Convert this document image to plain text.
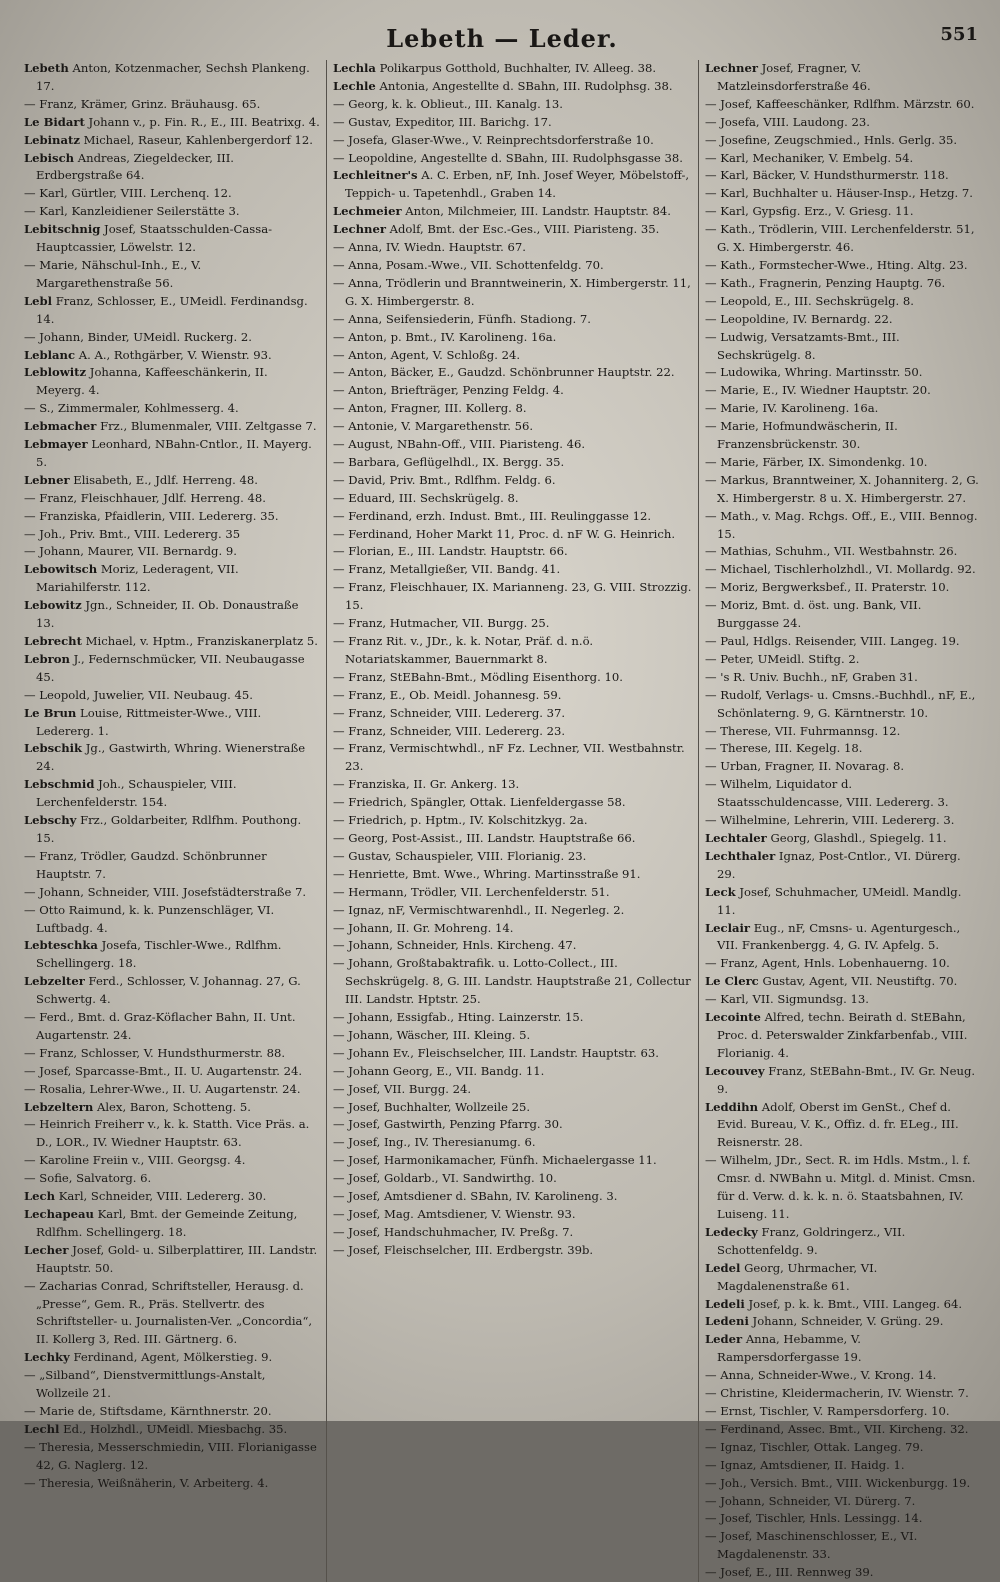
Lebeth — Leder.	551

Lebeth Anton, Kotzenmacher, Sechsh Plankeng. 17.

— Franz, Krämer, Grinz. Bräuhausg. 65.

Le Bidart Johann v., p. Fin. R., E., III. Beatrixg. 4.

Lebinatz Michael, Raseur, Kahlenbergerdorf 12.

Lebisch Andreas, Ziegeldecker, III. Erdbergstraße 64.

— Karl, Gürtler, VIII. Lerchenq. 12.

— Karl, Kanzleidiener Seilerstätte 3.

Lebitschnig Josef, Staatsschulden-Cassa-Hauptcassier, Löwelstr. 12.

— Marie, Nähschul-Inh., E., V. Margarethenstraße 56.

Lebl Franz, Schlosser, E., UMeidl. Ferdinandsg. 14.

— Johann, Binder, UMeidl. Ruckerg. 2.

Leblanc A. A., Rothgärber, V. Wienstr. 93.

Leblowitz Johanna, Kaffeeschänkerin, II. Meyerg. 4.

— S., Zimmermaler, Kohlmesserg. 4.

Lebmacher Frz., Blumenmaler, VIII. Zeltgasse 7.

Lebmayer Leonhard, NBahn-Cntlor., II. Mayerg. 5.

Lebner Elisabeth, E., Jdlf. Herreng. 48.

— Franz, Fleischhauer, Jdlf. Herreng. 48.

— Franziska, Pfaidlerin, VIII. Ledererg. 35.

— Joh., Priv. Bmt., VIII. Ledererg. 35

— Johann, Maurer, VII. Bernardg. 9.

Lebowitsch Moriz, Lederagent, VII. Mariahilferstr. 112.

Lebowitz Jgn., Schneider, II. Ob. Donaustraße 13.

Lebrecht Michael, v. Hptm., Franziskanerplatz 5.

Lebron J., Federnschmücker, VII. Neubaugasse 45.

— Leopold, Juwelier, VII. Neubaug. 45.

Le Brun Louise, Rittmeister-Wwe., VIII. Ledererg. 1.

Lebschik Jg., Gastwirth, Whring. Wienerstraße 24.

Lebschmid Joh., Schauspieler, VIII. Lerchenfelderstr. 154.

Lebschy Frz., Goldarbeiter, Rdlfhm. Pouthong. 15.

— Franz, Trödler, Gaudzd. Schönbrunner Hauptstr. 7.

— Johann, Schneider, VIII. Josefstädterstraße 7.

— Otto Raimund, k. k. Punzenschläger, VI. Luftbadg. 4.

Lebteschka Josefa, Tischler-Wwe., Rdlfhm. Schellingerg. 18.

Lebzelter Ferd., Schlosser, V. Johannag. 27, G. Schwertg. 4.

— Ferd., Bmt. d. Graz-Köflacher Bahn, II. Unt. Augartenstr. 24.

— Franz, Schlosser, V. Hundsthurmerstr. 88.

— Josef, Sparcasse-Bmt., II. U. Augartenstr. 24.

— Rosalia, Lehrer-Wwe., II. U. Augartenstr. 24.

Lebzeltern Alex, Baron, Schotteng. 5.

— Heinrich Freiherr v., k. k. Statth. Vice Präs. a. D., LOR., IV. Wiedner Hauptstr. 63.

— Karoline Freiin v., VIII. Georgsg. 4.

— Sofie, Salvatorg. 6.

Lech Karl, Schneider, VIII. Ledererg. 30.

Lechapeau Karl, Bmt. der Gemeinde Zeitung, Rdlfhm. Schellingerg. 18.

Lecher Josef, Gold- u. Silberplattirer, III. Landstr. Hauptstr. 50.

— Zacharias Conrad, Schriftsteller, Herausg. d. „Presse“, Gem. R., Präs. Stellvertr. des Schriftsteller- u. Journalisten-Ver. „Concordia“, II. Kollerg 3, Red. III. Gärtnerg. 6.

Lechky Ferdinand, Agent, Mölkerstieg. 9.

— „Silband“, Dienstvermittlungs-Anstalt, Wollzeile 21.

— Marie de, Stiftsdame, Kärnthnerstr. 20.

Lechl Ed., Holzhdl., UMeidl. Miesbachg. 35.

— Theresia, Messerschmiedin, VIII. Florianigasse 42, G. Naglerg. 12.

— Theresia, Weißnäherin, V. Arbeiterg. 4.

Lechla Polikarpus Gotthold, Buchhalter, IV. Alleeg. 38.

Lechle Antonia, Angestellte d. SBahn, III. Rudolphsg. 38.

— Georg, k. k. Oblieut., III. Kanalg. 13.

— Gustav, Expeditor, III. Barichg. 17.

— Josefa, Glaser-Wwe., V. Reinprechtsdorferstraße 10.

— Leopoldine, Angestellte d. SBahn, III. Rudolphsgasse 38.

Lechleitner's A. C. Erben, nF, Inh. Josef Weyer, Möbelstoff-, Teppich- u. Tapetenhdl., Graben 14.

Lechmeier Anton, Milchmeier, III. Landstr. Hauptstr. 84.

Lechner Adolf, Bmt. der Esc.-Ges., VIII. Piaristeng. 35.

— Anna, IV. Wiedn. Hauptstr. 67.

— Anna, Posam.-Wwe., VII. Schottenfeldg. 70.

— Anna, Trödlerin und Branntweinerin, X. Himbergerstr. 11, G. X. Himbergerstr. 8.

— Anna, Seifensiederin, Fünfh. Stadiong. 7.

— Anton, p. Bmt., IV. Karolineng. 16a.

— Anton, Agent, V. Schloßg. 24.

— Anton, Bäcker, E., Gaudzd. Schönbrunner Hauptstr. 22.

— Anton, Briefträger, Penzing Feldg. 4.

— Anton, Fragner, III. Kollerg. 8.

— Antonie, V. Margarethenstr. 56.

— August, NBahn-Off., VIII. Piaristeng. 46.

— Barbara, Geflügelhdl., IX. Bergg. 35.

— David, Priv. Bmt., Rdlfhm. Feldg. 6.

— Eduard, III. Sechskrügelg. 8.

— Ferdinand, erzh. Indust. Bmt., III. Reulinggasse 12.

— Ferdinand, Hoher Markt 11, Proc. d. nF W. G. Heinrich.

— Florian, E., III. Landstr. Hauptstr. 66.

— Franz, Metallgießer, VII. Bandg. 41.

— Franz, Fleischhauer, IX. Marianneng. 23, G. VIII. Strozzig. 15.

— Franz, Hutmacher, VII. Burgg. 25.

— Franz Rit. v., JDr., k. k. Notar, Präf. d. n.ö. Notariatskammer, Bauernmarkt 8.

— Franz, StEBahn-Bmt., Mödling Eisenthorg. 10.

— Franz, E., Ob. Meidl. Johannesg. 59.

— Franz, Schneider, VIII. Ledererg. 37.

— Franz, Schneider, VIII. Ledererg. 23.

— Franz, Vermischtwhdl., nF Fz. Lechner, VII. Westbahnstr. 23.

— Franziska, II. Gr. Ankerg. 13.

— Friedrich, Spängler, Ottak. Lienfeldergasse 58.

— Friedrich, p. Hptm., IV. Kolschitzkyg. 2a.

— Georg, Post-Assist., III. Landstr. Hauptstraße 66.

— Gustav, Schauspieler, VIII. Florianig. 23.

— Henriette, Bmt. Wwe., Whring. Martinsstraße 91.

— Hermann, Trödler, VII. Lerchenfelderstr. 51.

— Ignaz, nF, Vermischtwarenhdl., II. Negerleg. 2.

— Johann, II. Gr. Mohreng. 14.

— Johann, Schneider, Hnls. Kircheng. 47.

— Johann, Großtabaktrafik. u. Lotto-Collect., III. Sechskrügelg. 8, G. III. Landstr. Hauptstraße 21, Collectur III. Landstr. Hptstr. 25.

— Johann, Essigfab., Hting. Lainzerstr. 15.

— Johann, Wäscher, III. Kleing. 5.

— Johann Ev., Fleischselcher, III. Landstr. Hauptstr. 63.

— Johann Georg, E., VII. Bandg. 11.

— Josef, VII. Burgg. 24.

— Josef, Buchhalter, Wollzeile 25.

— Josef, Gastwirth, Penzing Pfarrg. 30.

— Josef, Ing., IV. Theresianumg. 6.

— Josef, Harmonikamacher, Fünfh. Michaelergasse 11.

— Josef, Goldarb., VI. Sandwirthg. 10.

— Josef, Amtsdiener d. SBahn, IV. Karolineng. 3.

— Josef, Mag. Amtsdiener, V. Wienstr. 93.

— Josef, Handschuhmacher, IV. Preßg. 7.

— Josef, Fleischselcher, III. Erdbergstr. 39b.

Lechner Josef, Fragner, V. Matzleinsdorferstraße 46.

— Josef, Kaffeeschänker, Rdlfhm. Märzstr. 60.

— Josefa, VIII. Laudong. 23.

— Josefine, Zeugschmied., Hnls. Gerlg. 35.

— Karl, Mechaniker, V. Embelg. 54.

— Karl, Bäcker, V. Hundsthurmerstr. 118.

— Karl, Buchhalter u. Häuser-Insp., Hetzg. 7.

— Karl, Gypsfig. Erz., V. Griesg. 11.

— Kath., Trödlerin, VIII. Lerchenfelderstr. 51, G. X. Himbergerstr. 46.

— Kath., Formstecher-Wwe., Hting. Altg. 23.

— Kath., Fragnerin, Penzing Hauptg. 76.

— Leopold, E., III. Sechskrügelg. 8.

— Leopoldine, IV. Bernardg. 22.

— Ludwig, Versatzamts-Bmt., III. Sechskrügelg. 8.

— Ludowika, Whring. Martinsstr. 50.

— Marie, E., IV. Wiedner Hauptstr. 20.

— Marie, IV. Karolineng. 16a.

— Marie, Hofmundwäscherin, II. Franzensbrückenstr. 30.

— Marie, Färber, IX. Simondenkg. 10.

— Markus, Branntweiner, X. Johanniterg. 2, G. X. Himbergerstr. 8 u. X. Himbergerstr. 27.

— Math., v. Mag. Rchgs. Off., E., VIII. Bennog. 15.

— Mathias, Schuhm., VII. Westbahnstr. 26.

— Michael, Tischlerholzhdl., VI. Mollardg. 92.

— Moriz, Bergwerksbef., II. Praterstr. 10.

— Moriz, Bmt. d. öst. ung. Bank, VII. Burggasse 24.

— Paul, Hdlgs. Reisender, VIII. Langeg. 19.

— Peter, UMeidl. Stiftg. 2.

— 's R. Univ. Buchh., nF, Graben 31.

— Rudolf, Verlags- u. Cmsns.-Buchhdl., nF, E., Schönlaterng. 9, G. Kärntnerstr. 10.

— Therese, VII. Fuhrmannsg. 12.

— Therese, III. Kegelg. 18.

— Urban, Fragner, II. Novarag. 8.

— Wilhelm, Liquidator d. Staatsschuldencasse, VIII. Ledererg. 3.

— Wilhelmine, Lehrerin, VIII. Ledererg. 3.

Lechtaler Georg, Glashdl., Spiegelg. 11.

Lechthaler Ignaz, Post-Cntlor., VI. Dürerg. 29.

Leck Josef, Schuhmacher, UMeidl. Mandlg. 11.

Leclair Eug., nF, Cmsns- u. Agenturgesch., VII. Frankenbergg. 4, G. IV. Apfelg. 5.

— Franz, Agent, Hnls. Lobenhauerng. 10.

Le Clerc Gustav, Agent, VII. Neustiftg. 70.

— Karl, VII. Sigmundsg. 13.

Lecointe Alfred, techn. Beirath d. StEBahn, Proc. d. Peterswalder Zinkfarbenfab., VIII. Florianig. 4.

Lecouvey Franz, StEBahn-Bmt., IV. Gr. Neug. 9.

Leddihn Adolf, Oberst im GenSt., Chef d. Evid. Bureau, V. K., Offiz. d. fr. ELeg., III. Reisnerstr. 28.

— Wilhelm, JDr., Sect. R. im Hdls. Mstm., l. f. Cmsr. d. NWBahn u. Mitgl. d. Minist. Cmsn. für d. Verw. d. k. k. n. ö. Staatsbahnen, IV. Luiseng. 11.

Ledecky Franz, Goldringerz., VII. Schottenfeldg. 9.

Ledel Georg, Uhrmacher, VI. Magdalenenstraße 61.

Ledeli Josef, p. k. k. Bmt., VIII. Langeg. 64.

Ledeni Johann, Schneider, V. Grüng. 29.

Leder Anna, Hebamme, V. Rampersdorfergasse 19.

— Anna, Schneider-Wwe., V. Krong. 14.

— Christine, Kleidermacherin, IV. Wienstr. 7.

— Ernst, Tischler, V. Rampersdorferg. 10.

— Ferdinand, Assec. Bmt., VII. Kircheng. 32.

— Ignaz, Tischler, Ottak. Langeg. 79.

— Ignaz, Amtsdiener, II. Haidg. 1.

— Joh., Versich. Bmt., VIII. Wickenburgg. 19.

— Johann, Schneider, VI. Dürerg. 7.

— Josef, Tischler, Hnls. Lessingg. 14.

— Josef, Maschinenschlosser, E., VI. Magdalenenstr. 33.

— Josef, E., III. Rennweg 39.
